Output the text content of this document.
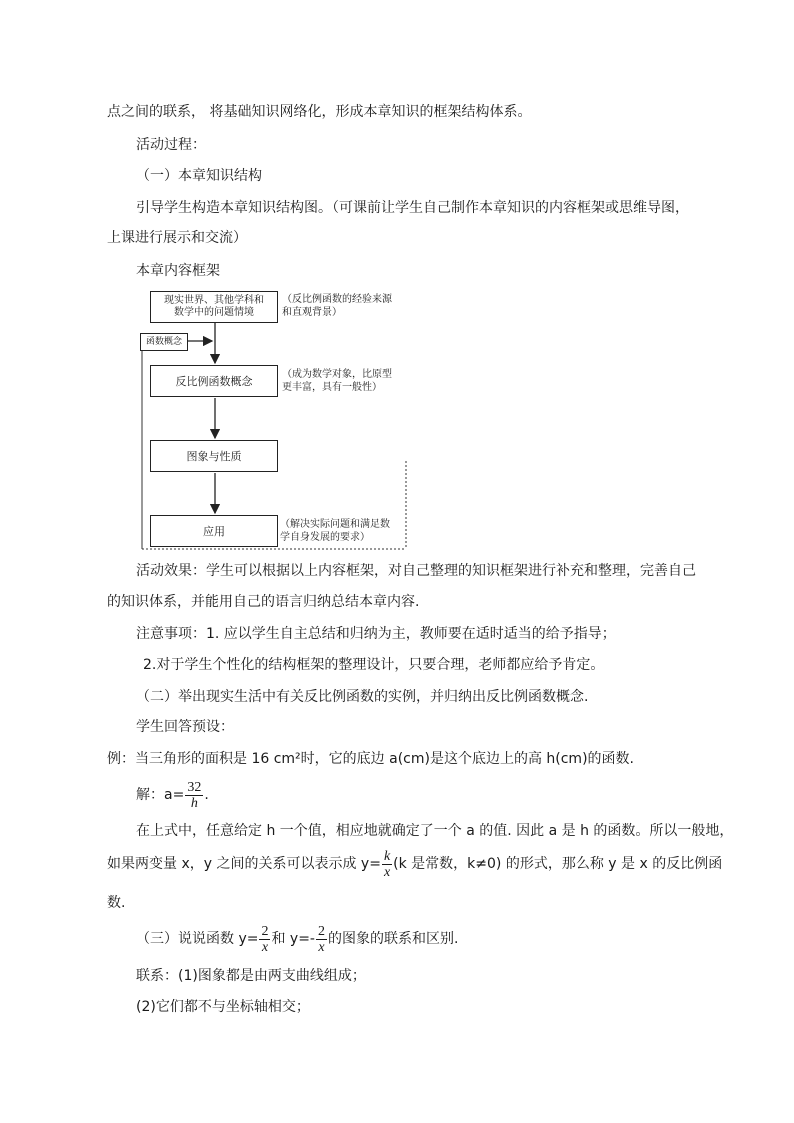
点之间的联系， 将基础知识网络化，形成本章知识的框架结构体系。
活动过程：
（一）本章知识结构
引导学生构造本章知识结构图。（可课前让学生自己制作本章知识的内容框架或思维导图，
上课进行展示和交流）
本章内容框架
现实世界、其他学科和
数学中的问题情境
（反比例函数的经验来源
和直观背景）
函数概念
反比例函数概念	（成为数学对象，比原型
更丰富，具有一般性）
图象与性质
应用	（解决实际问题和满足数
学自身发展的要求）
活动效果：学生可以根据以上内容框架，对自己整理的知识框架进行补充和整理，完善自己
的知识体系，并能用自己的语言归纳总结本章内容.
注意事项：1. 应以学生自主总结和归纳为主，教师要在适时适当的给予指导；
2.对于学生个性化的结构框架的整理设计，只要合理，老师都应给予肯定。
（二）举出现实生活中有关反比例函数的实例，并归纳出反比例函数概念.
学生回答预设：
例：当三角形的面积是 16 cm²时，它的底边 a(cm)是这个底边上的高 h(cm)的函数.
解：$a= \frac{32}{h}$ .
在上式中，任意给定 h 一个值，相应地就确定了一个 a 的值. 因此 a 是 h 的函数。所以一般地，
如果两变量 x，y 之间的关系可以表示成 $y= \frac{k}{x} (k$ 是常数，k≠0) 的形式，那么称 y 是 x 的反比例函
数.
（三）说说函数 $y= \frac{2}{x}$ 和 $y=- \frac{2}{x}$ 的图象的联系和区别.
联系：(1)图象都是由两支曲线组成；
(2)它们都不与坐标轴相交；
